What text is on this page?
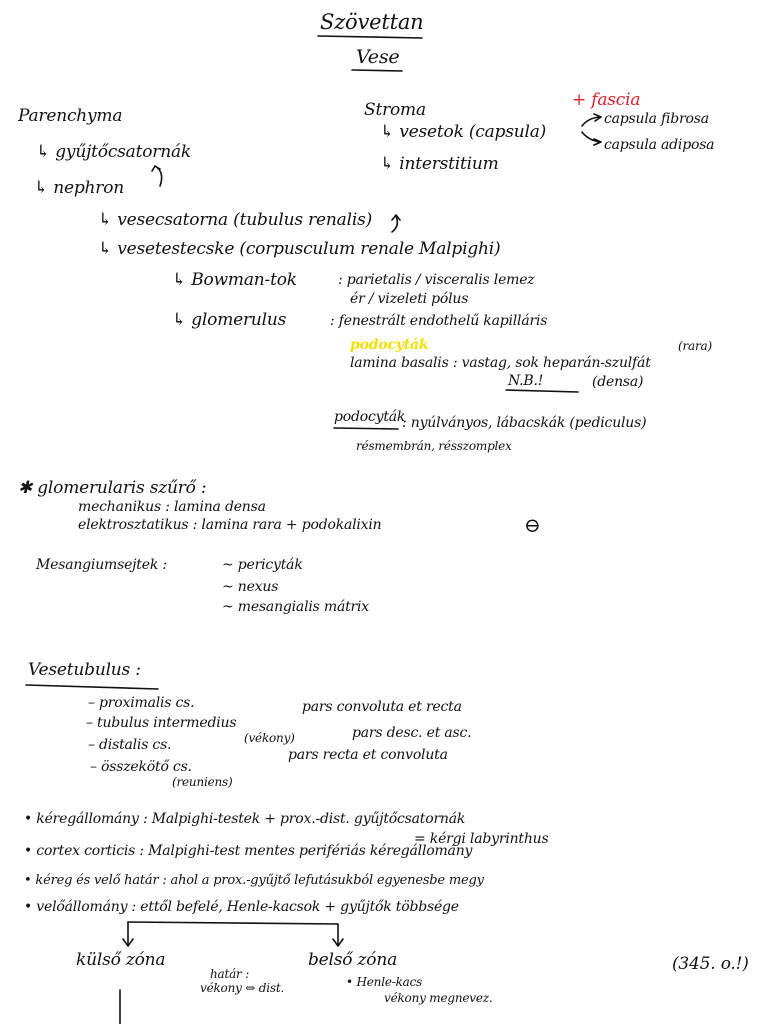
Szövettan
Vese
Parenchyma
↳ gyűjtőcsatornák
↳ nephron
↳ vesecsatorna (tubulus renalis)
↳ vesetestecske (corpusculum renale Malpighi)
↳ Bowman-tok	: parietalis / visceralis lemez
ér / vizeleti pólus
↳ glomerulus	: fenestrált endothelű kapilláris
podocyták
lamina basalis : vastag, sok heparán-szulfát
(rara)
N.B.!	(densa)
podocyták
: nyúlványos, lábacskák (pediculus)
résmembrán, résszomplex
Stroma	+ fascia
↳ vesetok (capsula)
capsula fibrosa
capsula adiposa
↳ interstitium
✱ glomerularis szűrő :
mechanikus : lamina densa
elektrosztatikus : lamina rara + podokalixin	⊖
Mesangiumsejtek :	~ pericyták
~ nexus
~ mesangialis mátrix
Vesetubulus :
– proximalis cs.	pars convoluta et recta
– tubulus intermedius
pars desc. et asc.
(vékony)
– distalis cs.
pars recta et convoluta
– összekötő cs.
(reuniens)
• kéregállomány : Malpighi-testek + prox.-dist. gyűjtőcsatornák
= kérgi labyrinthus
• cortex corticis : Malpighi-test mentes perifériás kéregállomány
• kéreg és velő határ : ahol a prox.-gyűjtő lefutásukból egyenesbe megy
• velőállomány : ettől befelé, Henle-kacsok + gyűjtők többsége
külső zóna	belső zóna
határ :
vékony ⇔ dist.	• Henle-kacs
vékony megnevez.
(345. o.!)
